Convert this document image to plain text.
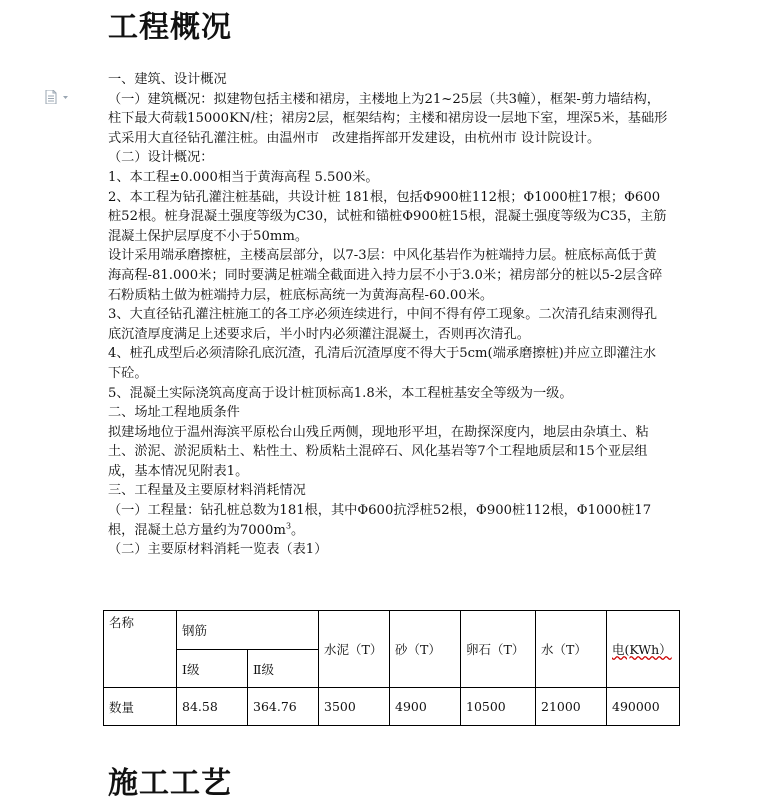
工程概况

一、建筑、设计概况

（一）建筑概况：拟建物包括主楼和裙房，主楼地上为21~25层（共3幢），框架-剪力墙结构，柱下最大荷载15000KN/柱；裙房2层，框架结构；主楼和裙房设一层地下室，埋深5米，基础形式采用大直径钻孔灌注桩。由温州市　改建指挥部开发建设，由杭州市 设计院设计。

（二）设计概况：

1、本工程±0.000相当于黄海高程 5.500米。

2、本工程为钻孔灌注桩基础，共设计桩 181根，包括Φ900桩112根；Φ1000桩17根；Φ600桩52根。桩身混凝土强度等级为C30，试桩和锚桩Φ900桩15根，混凝土强度等级为C35，主筋混凝土保护层厚度不小于50mm。

设计采用端承磨擦桩，主楼高层部分，以7-3层：中风化基岩作为桩端持力层。桩底标高低于黄海高程-81.000米；同时要满足桩端全截面进入持力层不小于3.0米；裙房部分的桩以5-2层含碎石粉质粘土做为桩端持力层，桩底标高统一为黄海高程-60.00米。

3、大直径钻孔灌注桩施工的各工序必须连续进行，中间不得有停工现象。二次清孔结束测得孔底沉渣厚度满足上述要求后，半小时内必须灌注混凝土，否则再次清孔。

4、桩孔成型后必须清除孔底沉渣，孔清后沉渣厚度不得大于5cm(端承磨擦桩)并应立即灌注水下砼。

5、混凝土实际浇筑高度高于设计桩顶标高1.8米，本工程桩基安全等级为一级。

二、场址工程地质条件

拟建场地位于温州海滨平原松台山残丘两侧，现地形平坦，在勘探深度内，地层由杂填土、粘土、淤泥、淤泥质粘土、粘性土、粉质粘土混碎石、风化基岩等7个工程地质层和15个亚层组成，基本情况见附表1。

三、工程量及主要原材料消耗情况

（一）工程量：钻孔桩总数为181根，其中Φ600抗浮桩52根，Φ900桩112根，Φ1000桩17根，混凝土总方量约为$7000m^3$。

（二）主要原材料消耗一览表（表1）

名称	钢筋		水泥（T）	砂（T）	卵石（T）	水（T）	电(KWh）
	Ⅰ级	Ⅱ级					
数量	84.58	364.76	3500	4900	10500	21000	490000
施工工艺
